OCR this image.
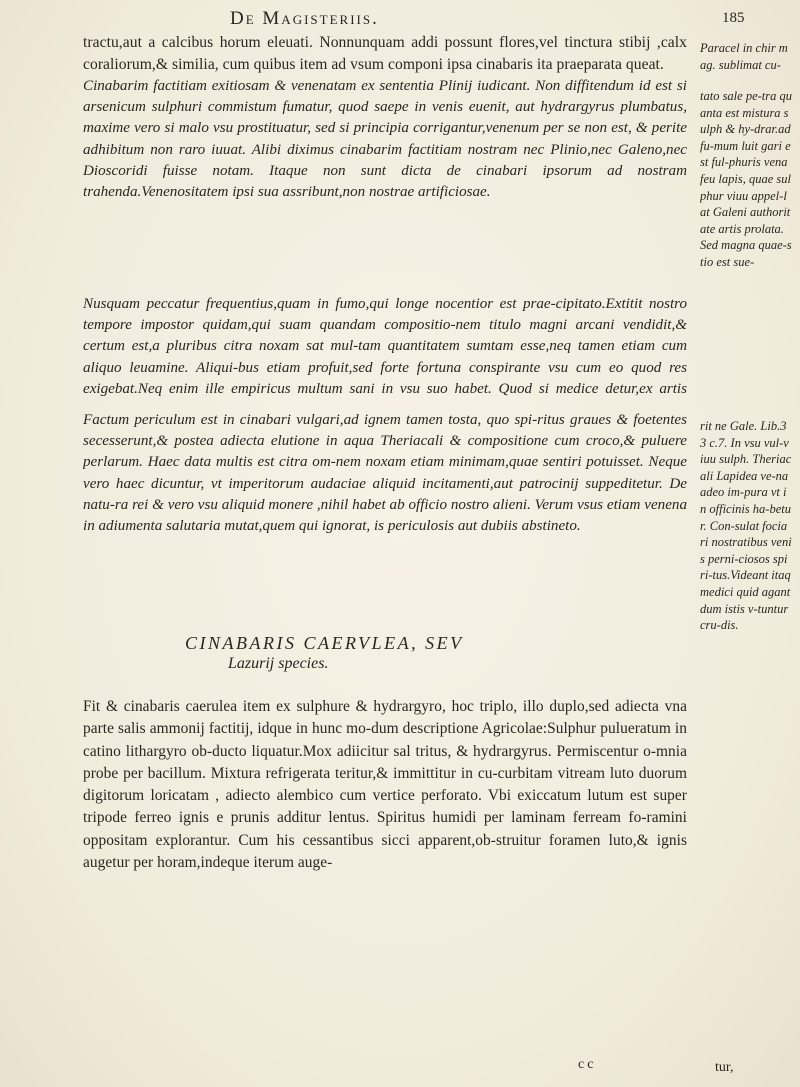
De Magisteriis.	185

tractu,aut a calcibus horum eleuati. Nonnunquam addi possunt flores,vel tinctura stibij ,calx coraliorum,& similia, cum quibus item ad vsum componi ipsa cinabaris ita praeparata queat.

Cinabarim factitiam exitiosam & venenatam ex sententia Plinij iudicant. Non diffitendum id est si arsenicum sulphuri commistum fumatur, quod saepe in venis euenit, aut hydrargyrus plumbatus, maxime vero si malo vsu prostituatur, sed si principia corrigantur,venenum per se non est, & perite adhibitum non raro iuuat. Alibi diximus cinabarim factitiam nostram nec Plinio,nec Galeno,nec Dioscoridi fuisse notam. Itaque non sunt dicta de cinabari ipsorum ad nostram trahenda.Venenositatem ipsi sua assribunt,non nostrae artificiosae.

Nusquam peccatur frequentius,quam in fumo,qui longe nocentior est prae-cipitato.Extitit nostro tempore impostor quidam,qui suam quandam compositio-nem titulo magni arcani vendidit,& certum est,a pluribus citra noxam sat mul-tam quantitatem sumtam esse,neq tamen etiam cum aliquo leuamine. Aliqui-bus etiam profuit,sed forte fortuna conspirante vsu cum eo quod res exigebat.Neq enim ille empiricus multum sani in vsu suo habet. Quod si medice detur,ex artis

Factum periculum est in cinabari vulgari,ad ignem tamen tosta, quo spi-ritus graues & foetentes secesserunt,& postea adiecta elutione in aqua Theriacali & compositione cum croco,& puluere perlarum. Haec data multis est citra om-nem noxam etiam minimam,quae sentiri potuisset. Neque vero haec dicuntur, vt imperitorum audaciae aliquid incitamenti,aut patrocinij suppeditetur. De natu-ra rei & vero vsu aliquid monere ,nihil habet ab officio nostro alieni. Verum vsus etiam venena in adiumenta salutaria mutat,quem qui ignorat, is periculosis aut dubiis abstineto.

CINABARIS CAERVLEA, SEV

Lazurij species.

Fit & cinabaris caerulea item ex sulphure & hydrargyro, hoc triplo, illo duplo,sed adiecta vna parte salis ammonij factitij, idque in hunc mo-dum descriptione Agricolae:Sulphur pulueratum in catino lithargyro ob-ducto liquatur.Mox adiicitur sal tritus, & hydrargyrus. Permiscentur o-mnia probe per bacillum. Mixtura refrigerata teritur,& immittitur in cu-curbitam vitream luto duorum digitorum loricatam , adiecto alembico cum vertice perforato. Vbi exiccatum lutum est super tripode ferreo ignis e prunis additur lentus. Spiritus humidi per laminam ferream fo-ramini oppositam explorantur. Cum his cessantibus sicci apparent,ob-struitur foramen luto,& ignis augetur per horam,indeque iterum auge-

Paracel in chir mag. sublimat cu-

tato sale pe-tra quanta est mistura sulph & hy-drar.adfu-mum luit gari est ful-phuris vena feu lapis, quae sulphur viuu appel-lat Galeni authoritate artis prolata. Sed magna quae-stio est sue-

rit ne Gale. Lib.33 c.7. In vsu vul-viuu sulph. Theriacali Lapidea ve-na adeo im-pura vt in officinis ha-betur. Con-sulat fociari nostratibus venis perni-ciosos spiri-tus.Videant itaq medici quid agant dum istis v-tuntur cru-dis.

cc	tur,
